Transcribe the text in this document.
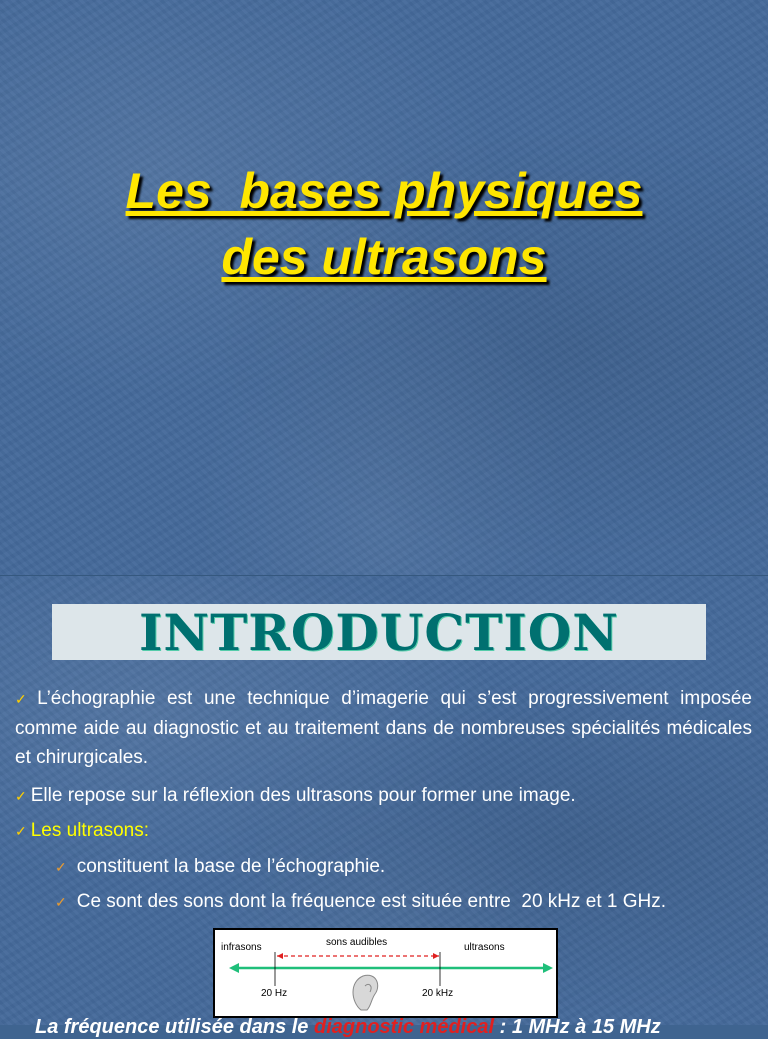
Les  bases physiques
des ultrasons
INTRODUCTION
✓ L’échographie est une technique d’imagerie qui s’est progressivement imposée comme aide au diagnostic et au traitement dans de nombreuses spécialités médicales et chirurgicales.
✓ Elle repose sur la réflexion des ultrasons pour former une image.
✓ Les ultrasons:
✓ constituent la base de l’échographie.
✓ Ce sont des sons dont la fréquence est située entre  20 kHz et 1 GHz.
infrasons	sons audibles	ultrasons
20 Hz	20 kHz
La fréquence utilisée dans le diagnostic médical : 1 MHz à 15 MHz
